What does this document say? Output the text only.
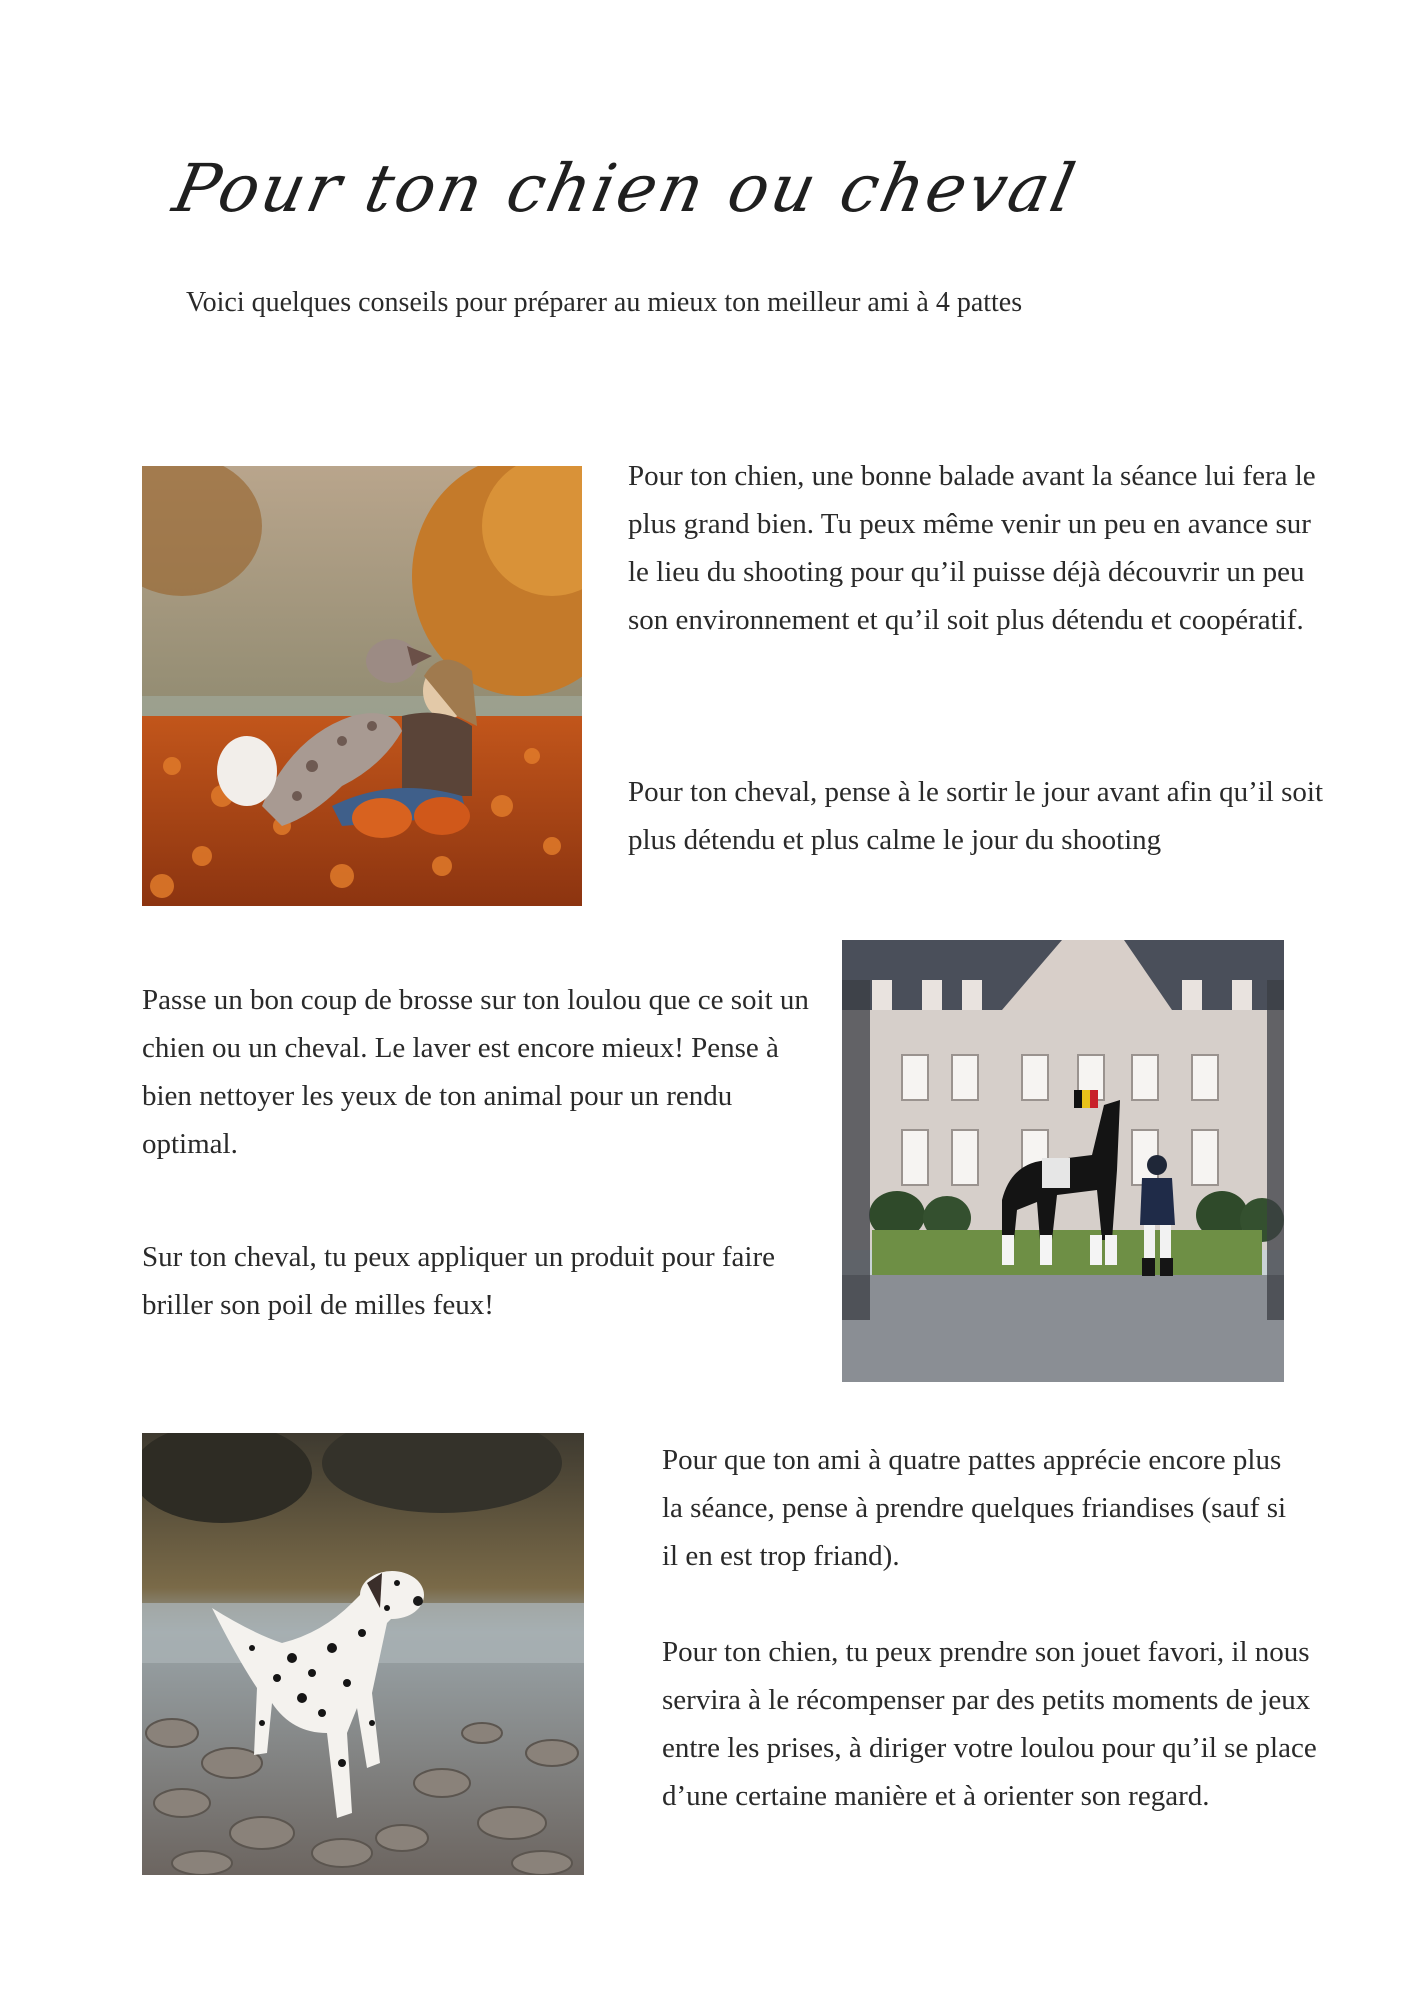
Pour ton chien ou cheval

Voici quelques conseils pour préparer au mieux ton meilleur ami à 4 pattes

Pour ton chien, une bonne balade avant la séance lui fera le plus grand bien. Tu peux même venir un peu en avance sur le lieu du shooting pour qu’il puisse déjà découvrir un peu son environnement et qu’il soit plus détendu et coopératif.

Pour ton cheval, pense à le sortir le jour avant afin qu’il soit plus détendu et plus calme le jour du shooting

Passe un bon coup de brosse sur ton loulou que ce soit un chien ou un cheval. Le laver est encore mieux! Pense à bien nettoyer les yeux de ton animal pour un rendu optimal.

Sur ton cheval, tu peux appliquer un produit pour faire briller son poil de milles feux!

Pour que ton ami à quatre pattes apprécie encore plus la séance, pense à prendre quelques friandises (sauf si il en est trop friand).

Pour ton chien, tu peux prendre son jouet favori, il nous servira à le récompenser par des petits moments de jeux entre les prises, à diriger votre loulou pour qu’il se place d’une certaine manière et à orienter son regard.
